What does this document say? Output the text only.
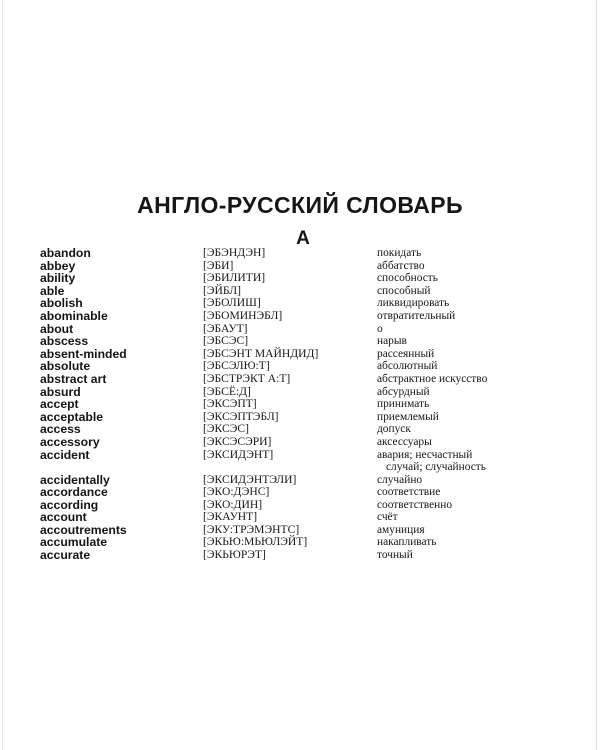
АНГЛО-РУССКИЙ СЛОВАРЬ
А
abandon	[ЭБЭНДЭН]	покидать
abbey	[ЭБИ]	аббатство
ability	[ЭБИЛИТИ]	способность
able	[ЭЙБЛ]	способный
abolish	[ЭБОЛИШ]	ликвидировать
abominable	[ЭБОМИНЭБЛ]	отвратительный
about	[ЭБАУТ]	о
abscess	[ЭБСЭС]	нарыв
absent-minded	[ЭБСЭНТ МАЙНДИД]	рассеянный
absolute	[ЭБСЭЛЮ:Т]	абсолютный
abstract art	[ЭБСТРЭКТ А:Т]	абстрактное искусство
absurd	[ЭБСЁ:Д]	абсурдный
accept	[ЭКСЭПТ]	принимать
acceptable	[ЭКСЭПТЭБЛ]	приемлемый
access	[ЭКСЭС]	допуск
accessory	[ЭКСЭСЭРИ]	аксессуары
accident	[ЭКСИДЭНТ]	авария; несчастный
случай; случайность
accidentally	[ЭКСИДЭНТЭЛИ]	случайно
accordance	[ЭКО:ДЭНС]	соответствие
according	[ЭКО:ДИН]	соответственно
account	[ЭКАУНТ]	счёт
accoutrements	[ЭКУ:ТРЭМЭНТС]	амуниция
accumulate	[ЭКЬЮ:МЬЮЛЭЙТ]	накапливать
accurate	[ЭКЬЮРЭТ]	точный
